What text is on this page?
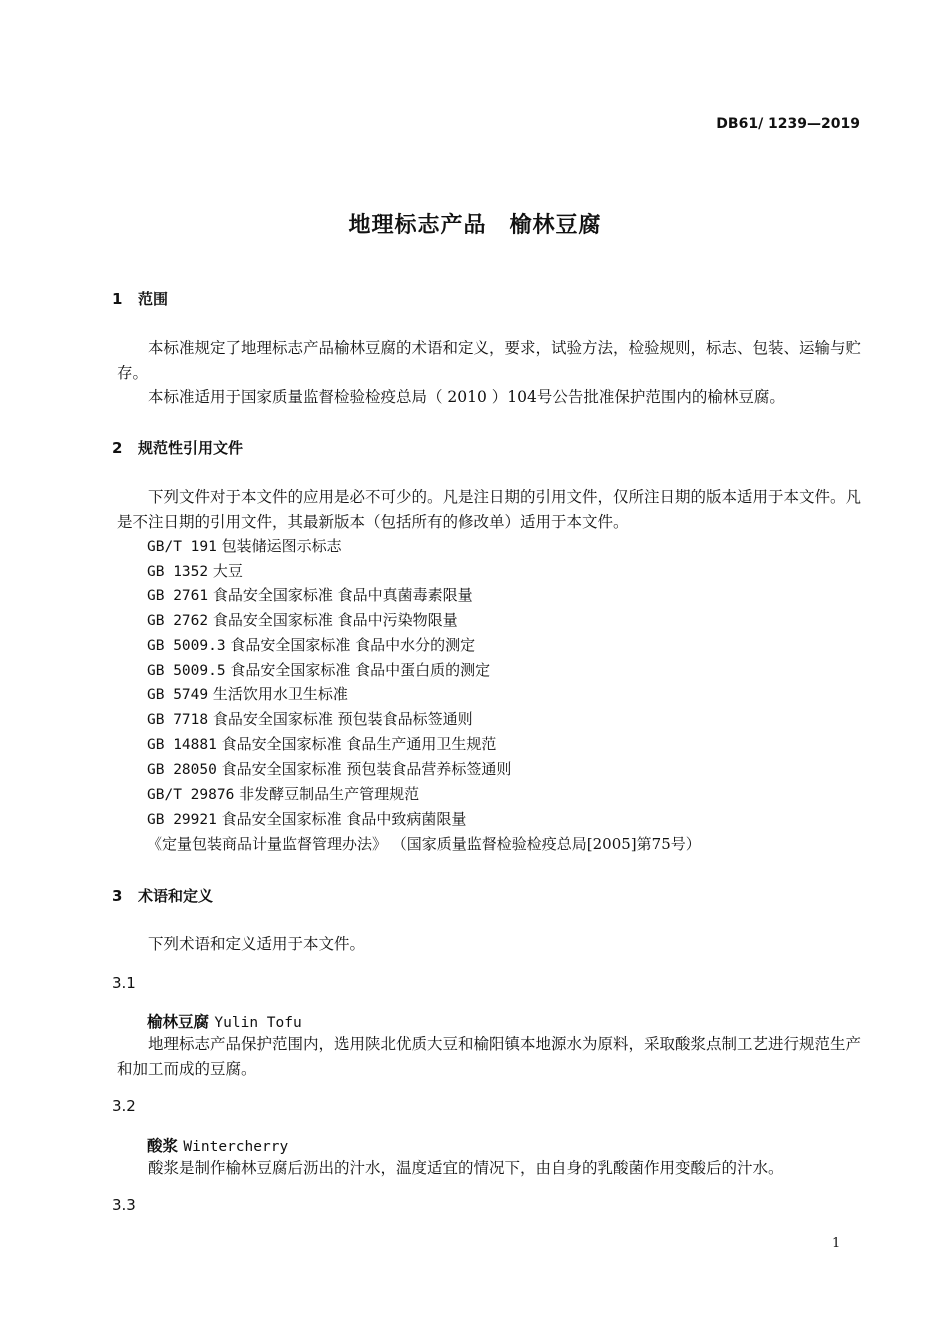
DB61/ 1239—2019
地理标志产品　榆林豆腐
1 范围
本标准规定了地理标志产品榆林豆腐的术语和定义，要求，试验方法，检验规则，标志、包装、运输与贮存。
本标准适用于国家质量监督检验检疫总局（ 2010 ）104号公告批准保护范围内的榆林豆腐。
2 规范性引用文件
下列文件对于本文件的应用是必不可少的。凡是注日期的引用文件，仅所注日期的版本适用于本文件。凡是不注日期的引用文件，其最新版本（包括所有的修改单）适用于本文件。
GB/T 191 包装储运图示标志
GB 1352 大豆
GB 2761 食品安全国家标准 食品中真菌毒素限量
GB 2762 食品安全国家标准 食品中污染物限量
GB 5009.3 食品安全国家标准 食品中水分的测定
GB 5009.5 食品安全国家标准 食品中蛋白质的测定
GB 5749 生活饮用水卫生标准
GB 7718 食品安全国家标准 预包装食品标签通则
GB 14881 食品安全国家标准 食品生产通用卫生规范
GB 28050 食品安全国家标准 预包装食品营养标签通则
GB/T 29876 非发酵豆制品生产管理规范
GB 29921 食品安全国家标准 食品中致病菌限量
《定量包装商品计量监督管理办法》 （国家质量监督检验检疫总局[2005]第75号）
3 术语和定义
下列术语和定义适用于本文件。
3.1
榆林豆腐 Yulin Tofu
地理标志产品保护范围内，选用陕北优质大豆和榆阳镇本地源水为原料，采取酸浆点制工艺进行规范生产和加工而成的豆腐。
3.2
酸浆 Wintercherry
酸浆是制作榆林豆腐后沥出的汁水，温度适宜的情况下，由自身的乳酸菌作用变酸后的汁水。
3.3
1
